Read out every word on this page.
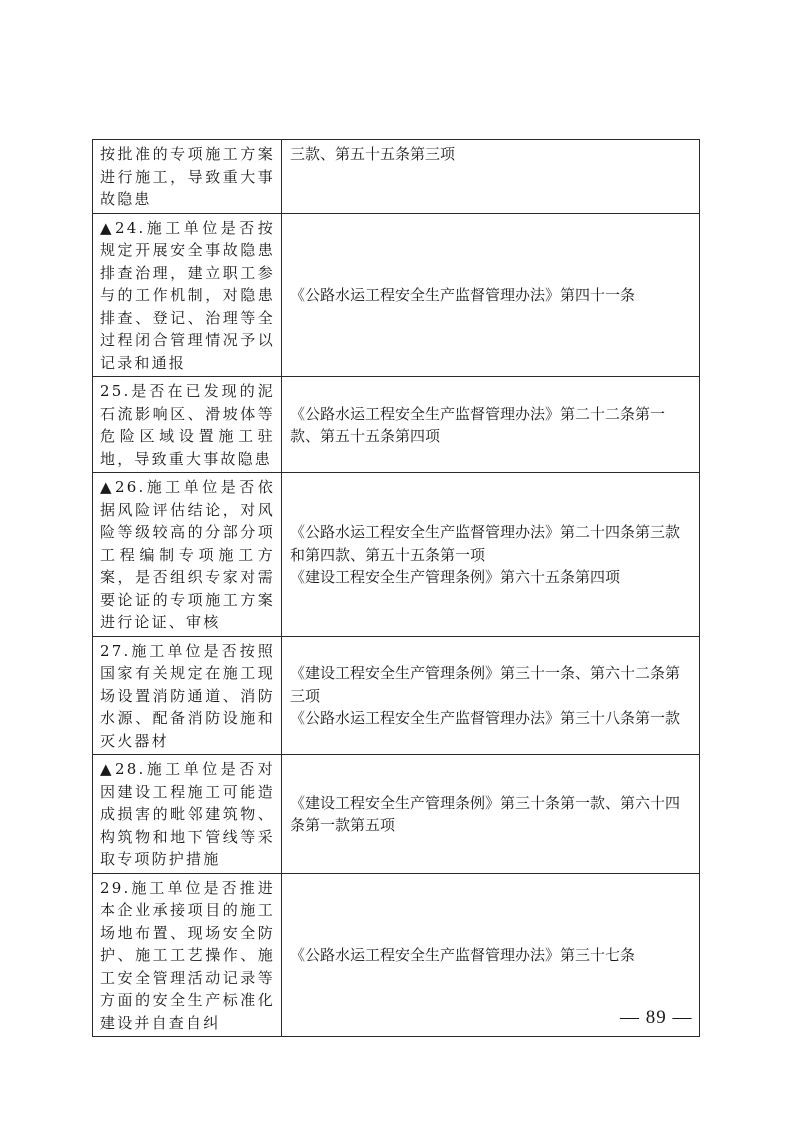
按批准的专项施工方案进行施工，导致重大事故隐患	三款、第五十五条第三项

▲24.施工单位是否按规定开展安全事故隐患排查治理，建立职工参与的工作机制，对隐患排查、登记、治理等全过程闭合管理情况予以记录和通报	《公路水运工程安全生产监督管理办法》第四十一条

25.是否在已发现的泥石流影响区、滑坡体等危险区域设置施工驻地，导致重大事故隐患	《公路水运工程安全生产监督管理办法》第二十二条第一款、第五十五条第四项

▲26.施工单位是否依据风险评估结论，对风险等级较高的分部分项工程编制专项施工方案，是否组织专家对需要论证的专项施工方案进行论证、审核	《公路水运工程安全生产监督管理办法》第二十四条第三款和第四款、第五十五条第一项
《建设工程安全生产管理条例》第六十五条第四项

27.施工单位是否按照国家有关规定在施工现场设置消防通道、消防水源、配备消防设施和灭火器材	《建设工程安全生产管理条例》第三十一条、第六十二条第三项
《公路水运工程安全生产监督管理办法》第三十八条第一款

▲28.施工单位是否对因建设工程施工可能造成损害的毗邻建筑物、构筑物和地下管线等采取专项防护措施	《建设工程安全生产管理条例》第三十条第一款、第六十四条第一款第五项

29.施工单位是否推进本企业承接项目的施工场地布置、现场安全防护、施工工艺操作、施工安全管理活动记录等方面的安全生产标准化建设并自查自纠	《公路水运工程安全生产监督管理办法》第三十七条
— 89 —
